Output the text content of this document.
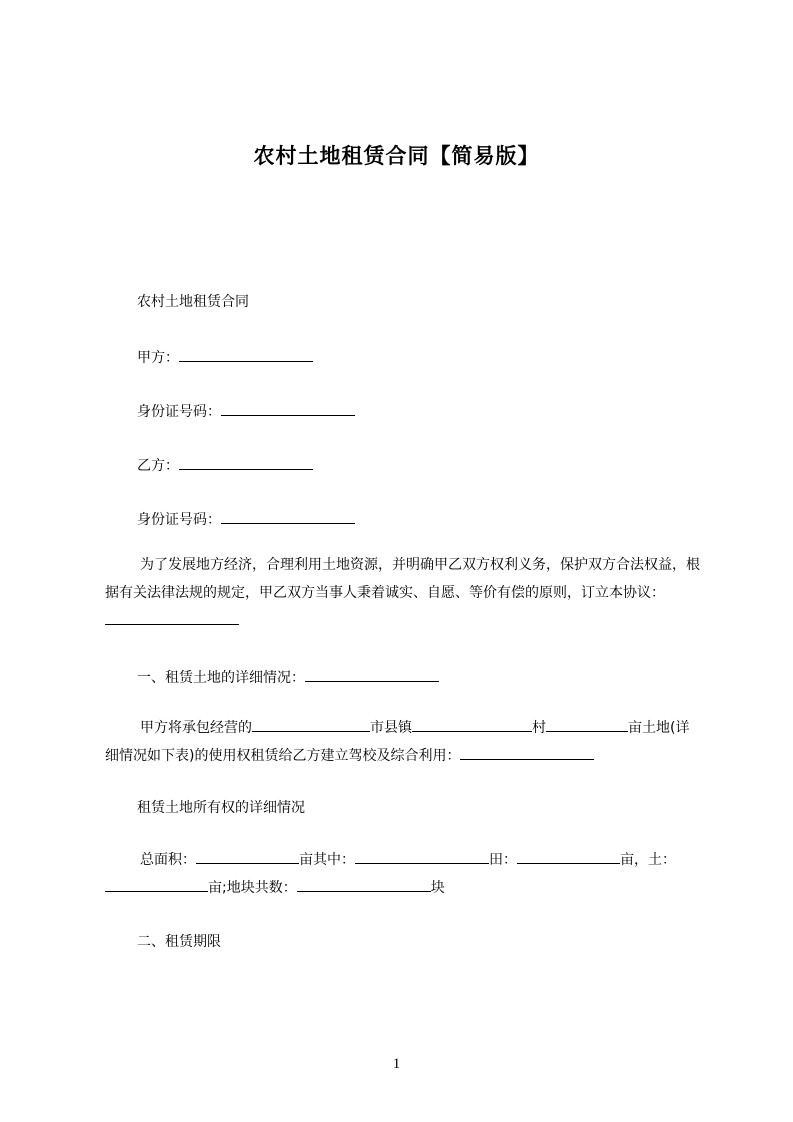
农村土地租赁合同【简易版】
农村土地租赁合同
甲方：
身份证号码：
乙方：
身份证号码：
为了发展地方经济，合理利用土地资源，并明确甲乙双方权利义务，保护双方合法权益，根据有关法律法规的规定，甲乙双方当事人秉着诚实、自愿、等价有偿的原则，订立本协议：
一、租赁土地的详细情况：
甲方将承包经营的	市县镇	村	亩土地(详细情况如下表)的使用权租赁给乙方建立驾校及综合利用：
租赁土地所有权的详细情况
总面积：	亩其中：	田：	亩，土：亩;地块共数：	块
二、租赁期限
1
